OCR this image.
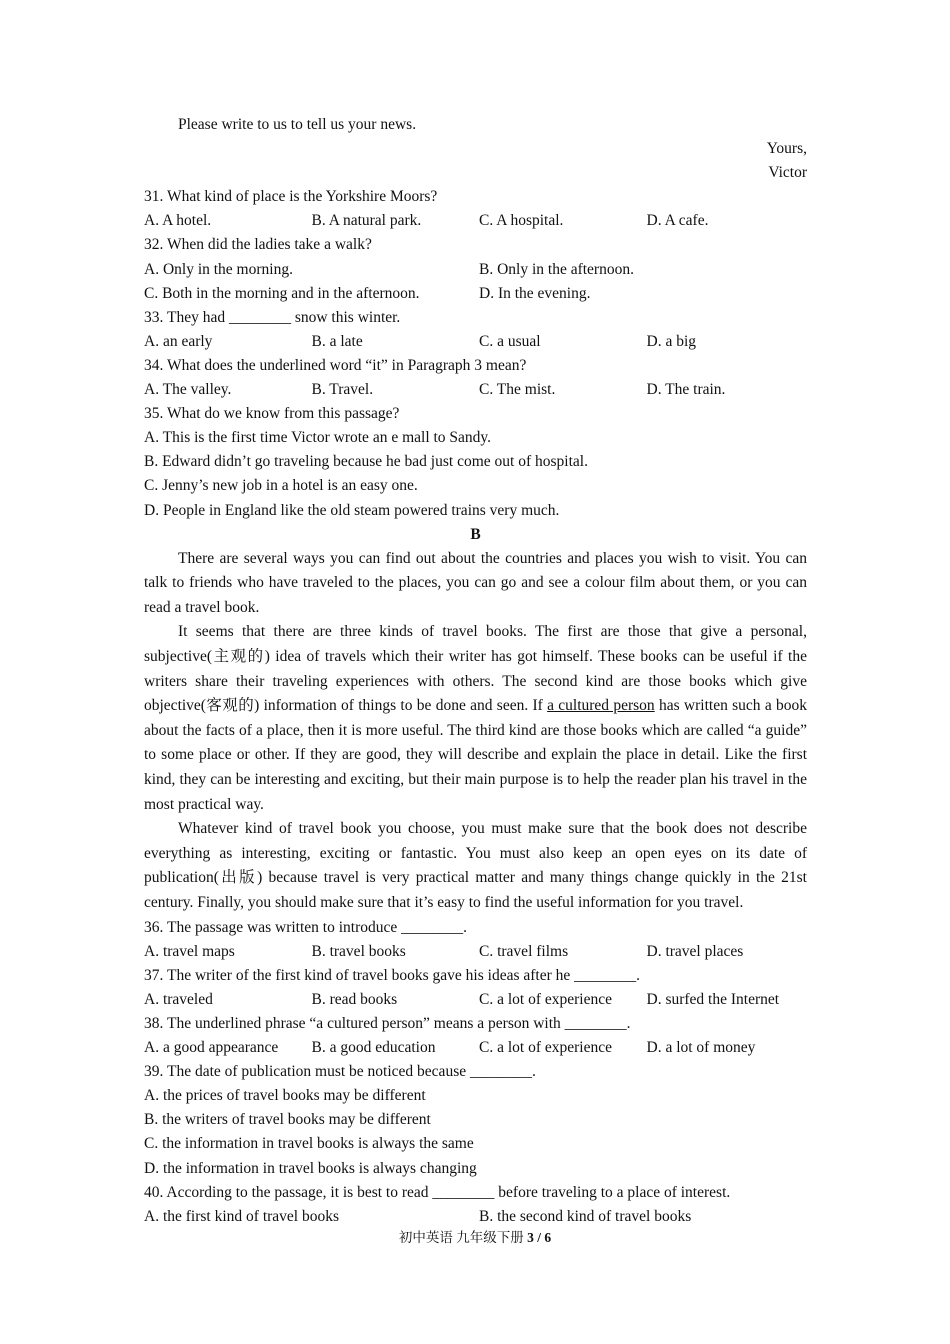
Please write to us to tell us your news.
Yours,
Victor
31. What kind of place is the Yorkshire Moors?
A. A hotel.	B. A natural park.	C. A hospital.	D. A cafe.
32. When did the ladies take a walk?
A. Only in the morning.	B. Only in the afternoon.
C. Both in the morning and in the afternoon.	D. In the evening.
33. They had ________ snow this winter.
A. an early	B. a late	C. a usual	D. a big
34. What does the underlined word “it” in Paragraph 3 mean?
A. The valley.	B. Travel.	C. The mist.	D. The train.
35. What do we know from this passage?
A. This is the first time Victor wrote an e mall to Sandy.
B. Edward didn’t go traveling because he bad just come out of hospital.
C. Jenny’s new job in a hotel is an easy one.
D. People in England like the old steam powered trains very much.
B

There are several ways you can find out about the countries and places you wish to visit. You can talk to friends who have traveled to the places, you can go and see a colour film about them, or you can read a travel book.

It seems that there are three kinds of travel books. The first are those that give a personal, subjective(主观的) idea of travels which their writer has got himself. These books can be useful if the writers share their traveling experiences with others. The second kind are those books which give objective(客观的) information of things to be done and seen. If a cultured person has written such a book about the facts of a place, then it is more useful. The third kind are those books which are called “a guide” to some place or other. If they are good, they will describe and explain the place in detail. Like the first kind, they can be interesting and exciting, but their main purpose is to help the reader plan his travel in the most practical way.

Whatever kind of travel book you choose, you must make sure that the book does not describe everything as interesting, exciting or fantastic. You must also keep an open eyes on its date of publication(出版) because travel is very practical matter and many things change quickly in the 21st century. Finally, you should make sure that it’s easy to find the useful information for you travel.

36. The passage was written to introduce ________.
A. travel maps	B. travel books	C. travel films	D. travel places
37. The writer of the first kind of travel books gave his ideas after he ________.
A. traveled	B. read books	C. a lot of experience	D. surfed the Internet
38. The underlined phrase “a cultured person” means a person with ________.
A. a good appearance	B. a good education	C. a lot of experience	D. a lot of money
39. The date of publication must be noticed because ________.
A. the prices of travel books may be different
B. the writers of travel books may be different
C. the information in travel books is always the same
D. the information in travel books is always changing
40. According to the passage, it is best to read ________ before traveling to a place of interest.
A. the first kind of travel books	B. the second kind of travel books
初中英语 九年级下册 3 / 6
